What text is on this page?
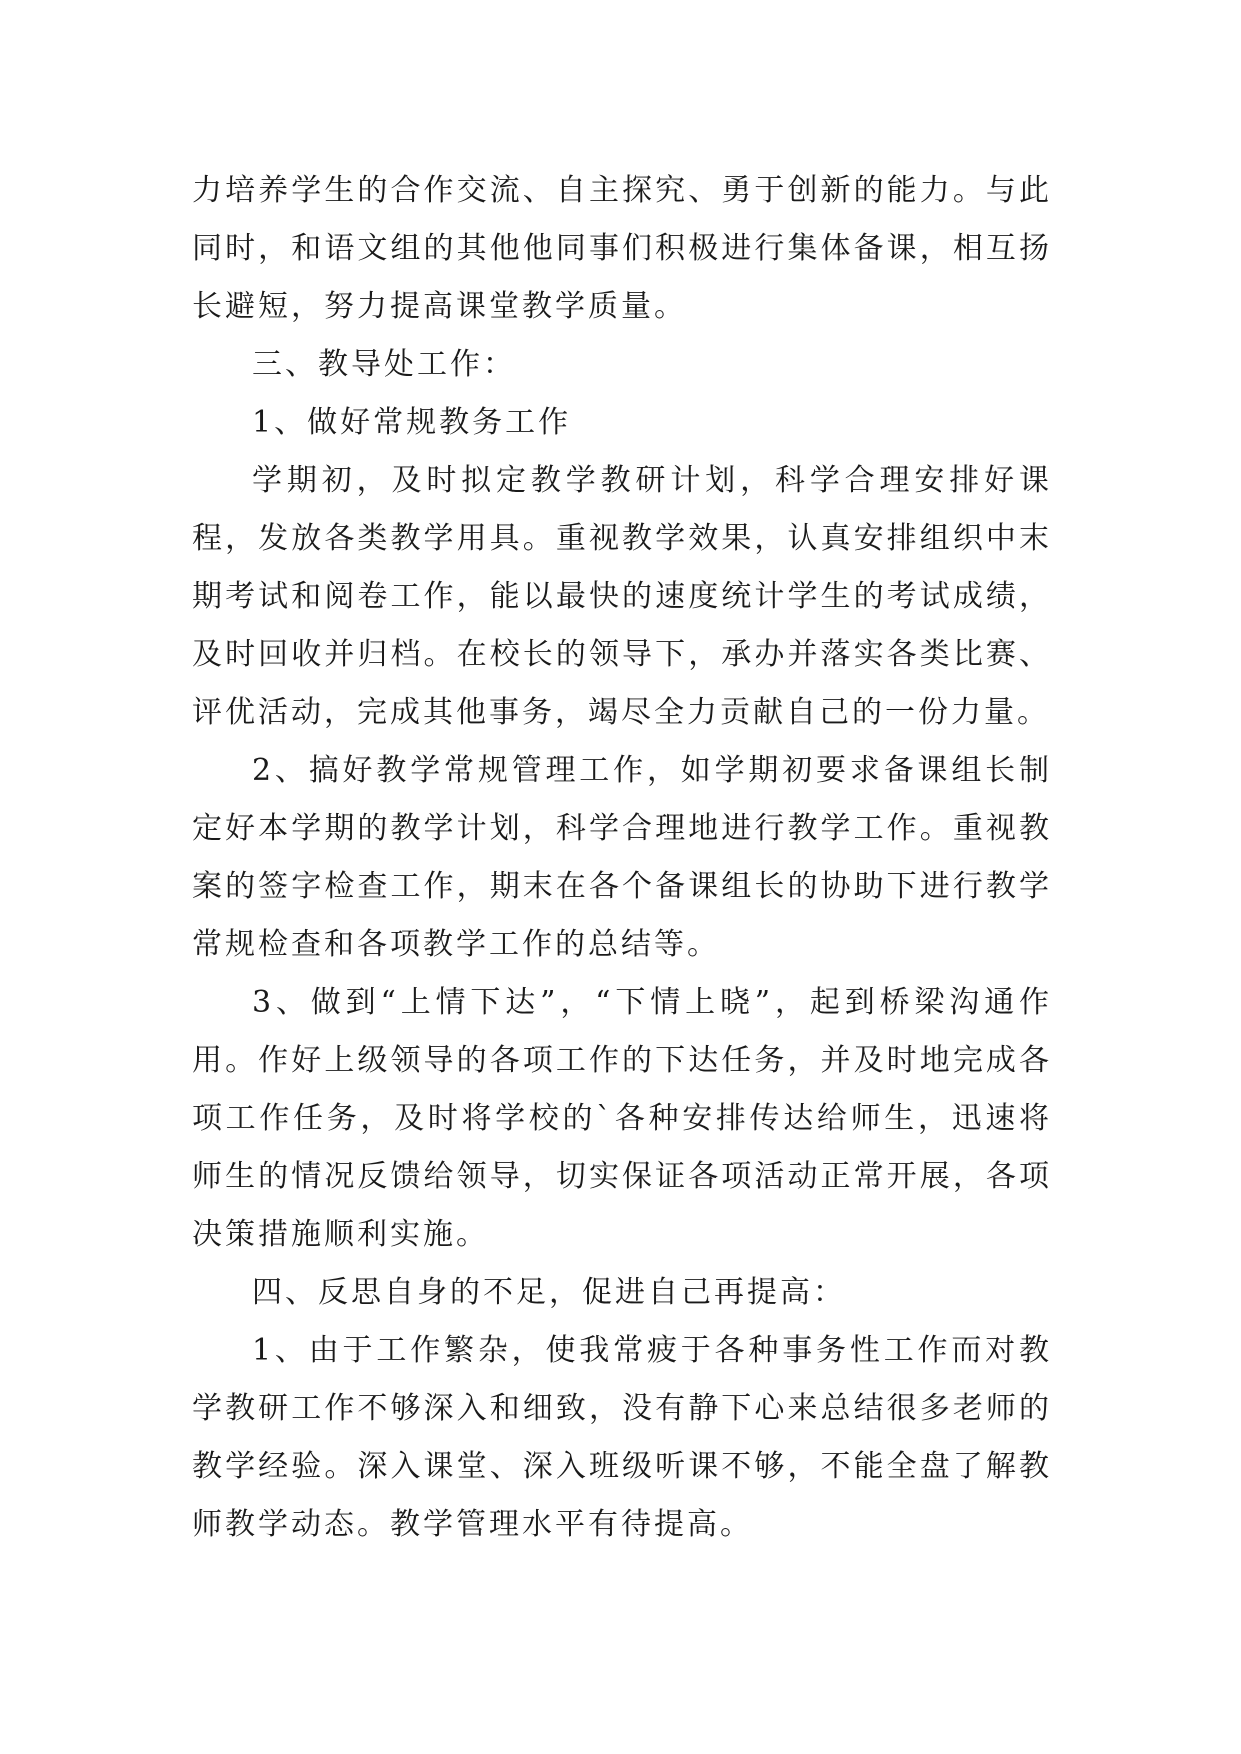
力培养学生的合作交流、自主探究、勇于创新的能力。与此同时，和语文组的其他他同事们积极进行集体备课，相互扬长避短，努力提高课堂教学质量。

三、教导处工作：

1、做好常规教务工作

学期初，及时拟定教学教研计划，科学合理安排好课程，发放各类教学用具。重视教学效果，认真安排组织中末期考试和阅卷工作，能以最快的速度统计学生的考试成绩，及时回收并归档。在校长的领导下，承办并落实各类比赛、评优活动，完成其他事务，竭尽全力贡献自己的一份力量。

2、搞好教学常规管理工作，如学期初要求备课组长制定好本学期的教学计划，科学合理地进行教学工作。重视教案的签字检查工作，期末在各个备课组长的协助下进行教学常规检查和各项教学工作的总结等。

3、做到“上情下达”，“下情上晓”，起到桥梁沟通作用。作好上级领导的各项工作的下达任务，并及时地完成各项工作任务，及时将学校的`各种安排传达给师生，迅速将师生的情况反馈给领导，切实保证各项活动正常开展，各项决策措施顺利实施。

四、反思自身的不足，促进自己再提高：

1、由于工作繁杂，使我常疲于各种事务性工作而对教学教研工作不够深入和细致，没有静下心来总结很多老师的教学经验。深入课堂、深入班级听课不够，不能全盘了解教师教学动态。教学管理水平有待提高。
